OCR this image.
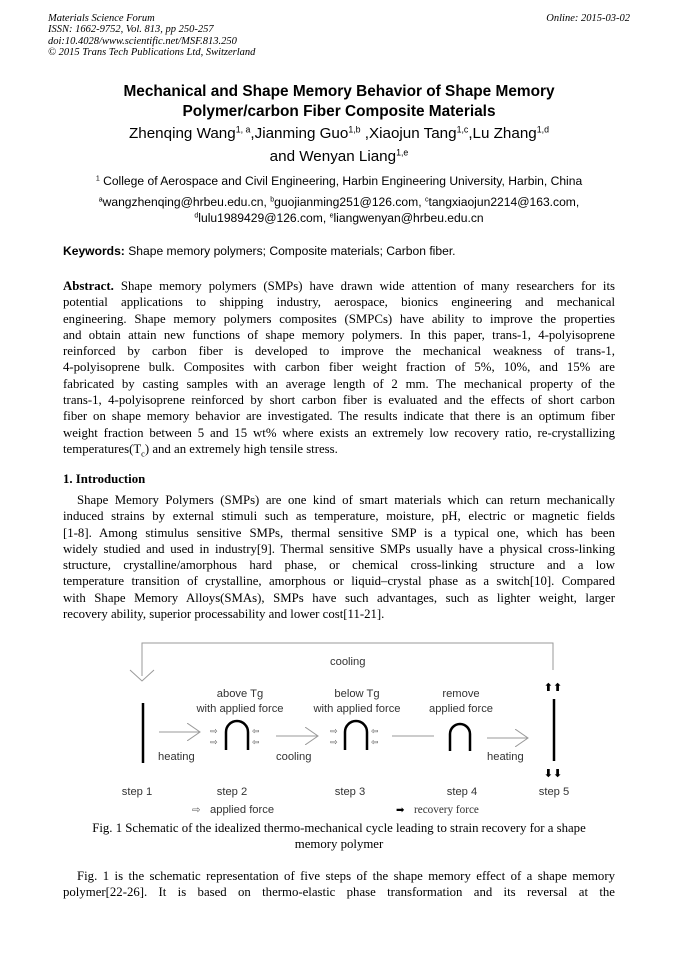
Materials Science Forum
ISSN: 1662-9752, Vol. 813, pp 250-257
doi:10.4028/www.scientific.net/MSF.813.250
© 2015 Trans Tech Publications Ltd, Switzerland
Online: 2015-03-02
Mechanical and Shape Memory Behavior of Shape Memory
Polymer/carbon Fiber Composite Materials
Zhenqing Wang$^{1, a}$,Jianming Guo$^{1,b}$ ,Xiaojun Tang$^{1,c}$,Lu Zhang$^{1,d}$
and Wenyan Liang$^{1,e}$
$^1$ College of Aerospace and Civil Engineering, Harbin Engineering University, Harbin, China
$^a$wangzhenqing@hrbeu.edu.cn, $^b$guojianming251@126.com, $^c$tangxiaojun2214@163.com,
$^d$lulu1989429@126.com, $^e$liangwenyan@hrbeu.edu.cn
Keywords: Shape memory polymers; Composite materials; Carbon fiber.
Abstract. Shape memory polymers (SMPs) have drawn wide attention of many researchers for its
potential applications to shipping industry, aerospace, bionics engineering and mechanical
engineering. Shape memory polymers composites (SMPCs) have ability to improve the properties
and obtain attain new functions of shape memory polymers. In this paper, trans-1, 4-polyisoprene
reinforced by carbon fiber is developed to improve the mechanical weakness of trans-1,
4-polyisoprene bulk. Composites with carbon fiber weight fraction of 5%, 10%, and 15% are
fabricated by casting samples with an average length of 2 mm. The mechanical property of the
trans-1, 4-polyisoprene reinforced by short carbon fiber is evaluated and the effects of short carbon
fiber on shape memory behavior are investigated. The results indicate that there is an optimum fiber
weight fraction between 5 and 15 wt% where exists an extremely low recovery ratio, re-crystallizing
$temperatures(T_c)$ and an extremely high tensile stress.
1. Introduction
Shape Memory Polymers (SMPs) are one kind of smart materials which can return mechanically
induced strains by external stimuli such as temperature, moisture, pH, electric or magnetic fields
[1-8]. Among stimulus sensitive SMPs, thermal sensitive SMP is a typical one, which has been
widely studied and used in industry[9]. Thermal sensitive SMPs usually have a physical cross-linking
structure, crystalline/amorphous hard phase, or chemical cross-linking structure and a low
temperature transition of crystalline, amorphous or liquid–crystal phase as a switch[10]. Compared
with Shape Memory Alloys(SMAs), SMPs have such advantages, such as lighter weight, larger
recovery ability, superior processability and lower cost[11-21].
cooling
heating
above Tg
with applied force
⇨
⇨
⇦
⇦
cooling
below Tg
with applied force
⇨
⇨
⇦
⇦
remove
applied force
heating
⬆⬆
⬇⬇
step 1	step 2	step 3	step 4	step 5
⇨ applied force	➡ recovery force
Fig. 1 Schematic of the idealized thermo-mechanical cycle leading to strain recovery for a shape
memory polymer
Fig. 1 is the schematic representation of five steps of the shape memory effect of a shape memory
polymer[22-26]. It is based on thermo-elastic phase transformation and its reversal at the
